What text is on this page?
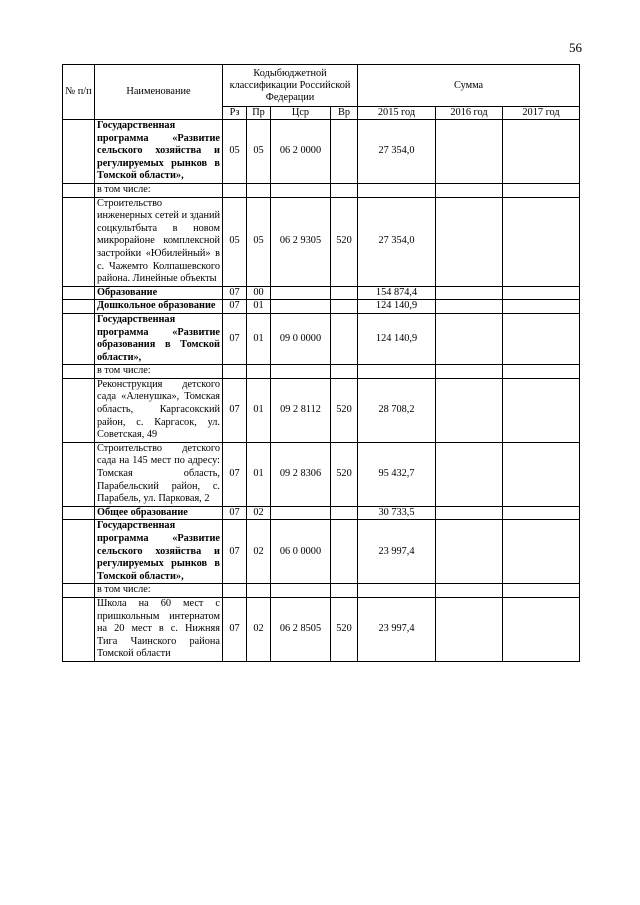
56
№ п/п	Наименование	Кодыбюджетной классификации Российской Федерации				Сумма		
		Рз	Пр	Цср	Вр	2015 год	2016 год	2017 год
	Государственная программа «Развитие сельского хозяйства и регулируемых рынков в Томской области»,	05	05	06 2 0000		27 354,0		
	в том числе:							
	Строительство инженерных сетей и зданий соцкультбыта в новом микрорайоне комплексной застройки «Юбилейный» в с. Чажемто Колпашевского района. Линейные объекты	05	05	06 2 9305	520	27 354,0		
	Образование	07	00			154 874,4		
	Дошкольное образование	07	01			124 140,9		
	Государственная программа «Развитие образования в Томской области»,	07	01	09 0 0000		124 140,9		
	в том числе:							
	Реконструкция детского сада «Аленушка», Томская область, Каргасокский район, с. Каргасок, ул. Советская, 49	07	01	09 2 8112	520	28 708,2		
	Строительство детского сада на 145 мест по адресу: Томская область, Парабельский район, с. Парабель, ул. Парковая, 2	07	01	09 2 8306	520	95 432,7		
	Общее образование	07	02			30 733,5		
	Государственная программа «Развитие сельского хозяйства и регулируемых рынков в Томской области»,	07	02	06 0 0000		23 997,4		
	в том числе:							
	Школа на 60 мест с пришкольным интернатом на 20 мест в с. Нижняя Тига Чаинского района Томской области	07	02	06 2 8505	520	23 997,4		
